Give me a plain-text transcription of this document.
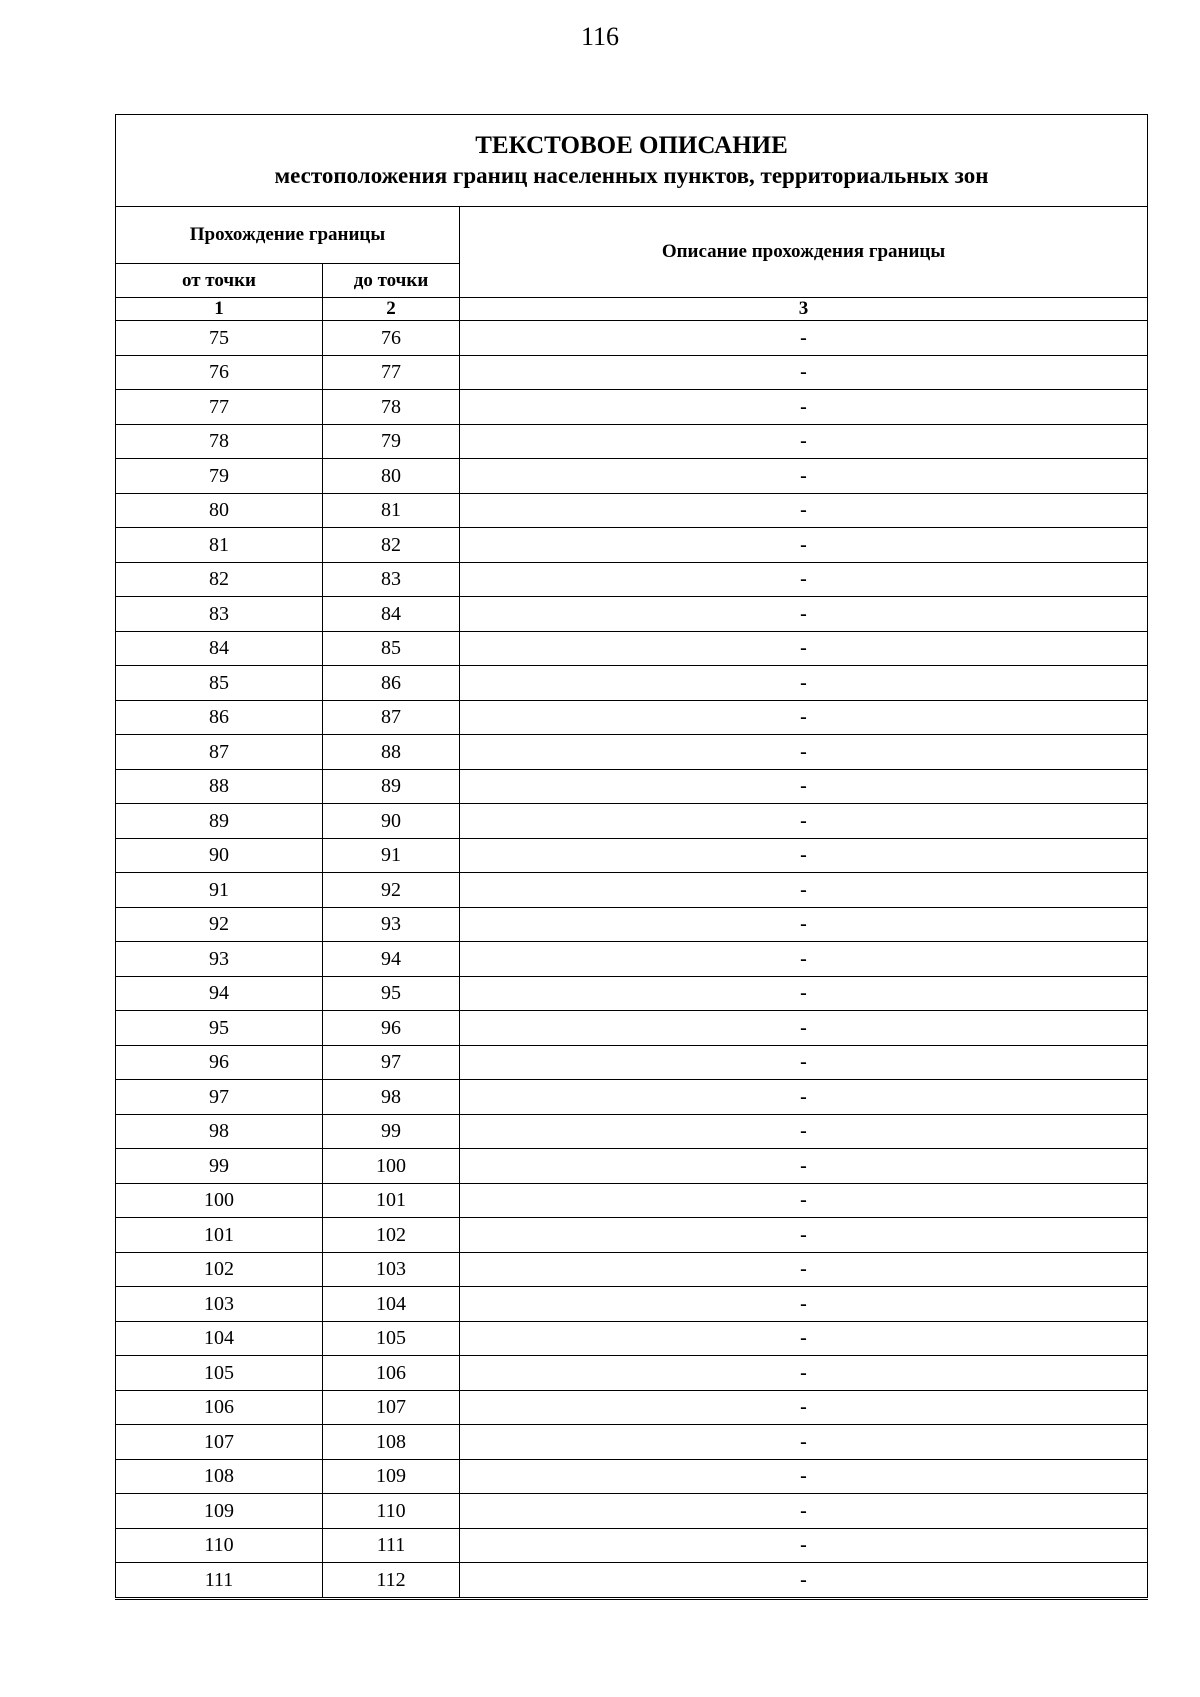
116
ТЕКСТОВОЕ ОПИСАНИЕ
местоположения границ населенных пунктов, территориальных зон		

Прохождение границы		Описание прохождения границы
от точки	до точки	
1	2	3
75	76	-
76	77	-
77	78	-
78	79	-
79	80	-
80	81	-
81	82	-
82	83	-
83	84	-
84	85	-
85	86	-
86	87	-
87	88	-
88	89	-
89	90	-
90	91	-
91	92	-
92	93	-
93	94	-
94	95	-
95	96	-
96	97	-
97	98	-
98	99	-
99	100	-
100	101	-
101	102	-
102	103	-
103	104	-
104	105	-
105	106	-
106	107	-
107	108	-
108	109	-
109	110	-
110	111	-
111	112	-
